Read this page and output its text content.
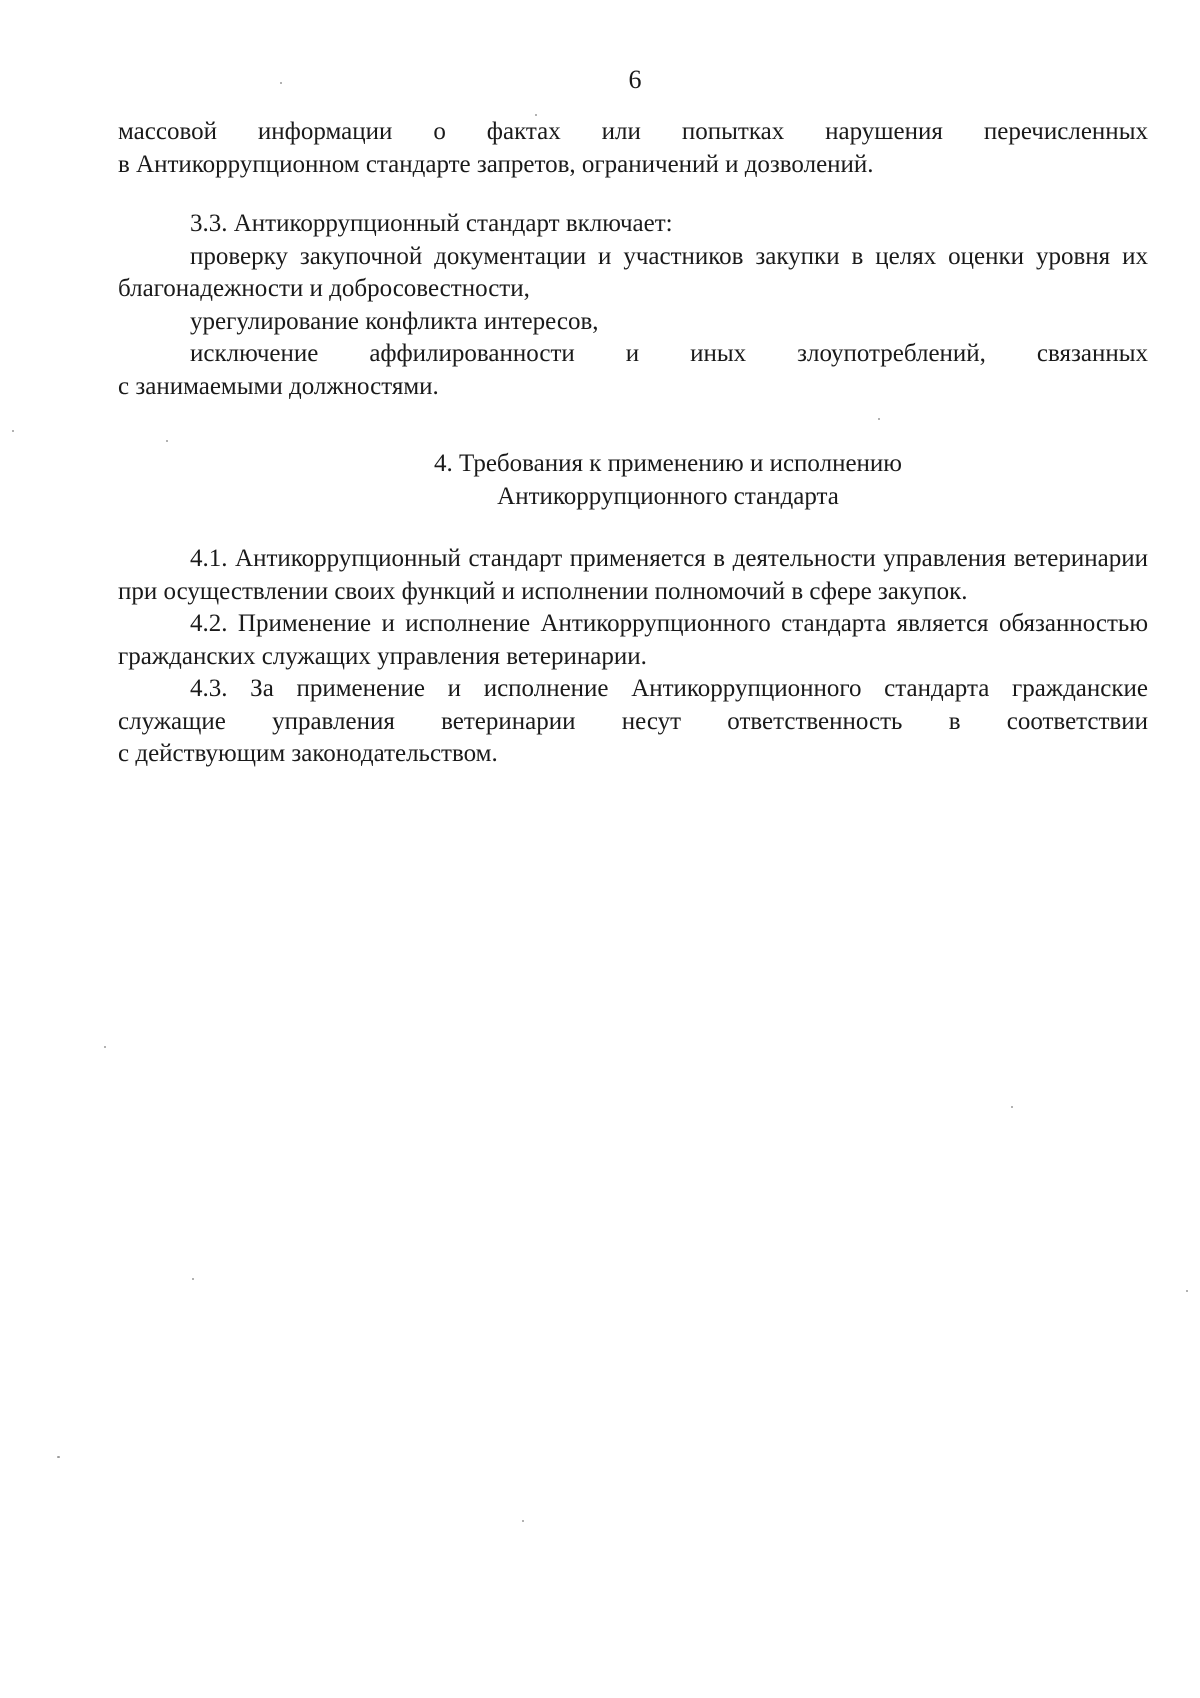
6

массовой информации о фактах или попытках нарушения перечисленных

в Антикоррупционном стандарте запретов, ограничений и дозволений.

3.3. Антикоррупционный стандарт включает:

проверку закупочной документации и участников закупки в целях оценки уровня их благонадежности и добросовестности,

урегулирование конфликта интересов,

исключение аффилированности и иных злоупотреблений, связанных

с занимаемыми должностями.

4. Требования к применению и исполнению
Антикоррупционного стандарта

4.1. Антикоррупционный стандарт применяется в деятельности управления ветеринарии при осуществлении своих функций и исполнении полномочий в сфере закупок.

4.2. Применение и исполнение Антикоррупционного стандарта является обязанностью гражданских служащих управления ветеринарии.

4.3. За применение и исполнение Антикоррупционного стандарта гражданские

служащие управления ветеринарии несут ответственность в соответствии

с действующим законодательством.
